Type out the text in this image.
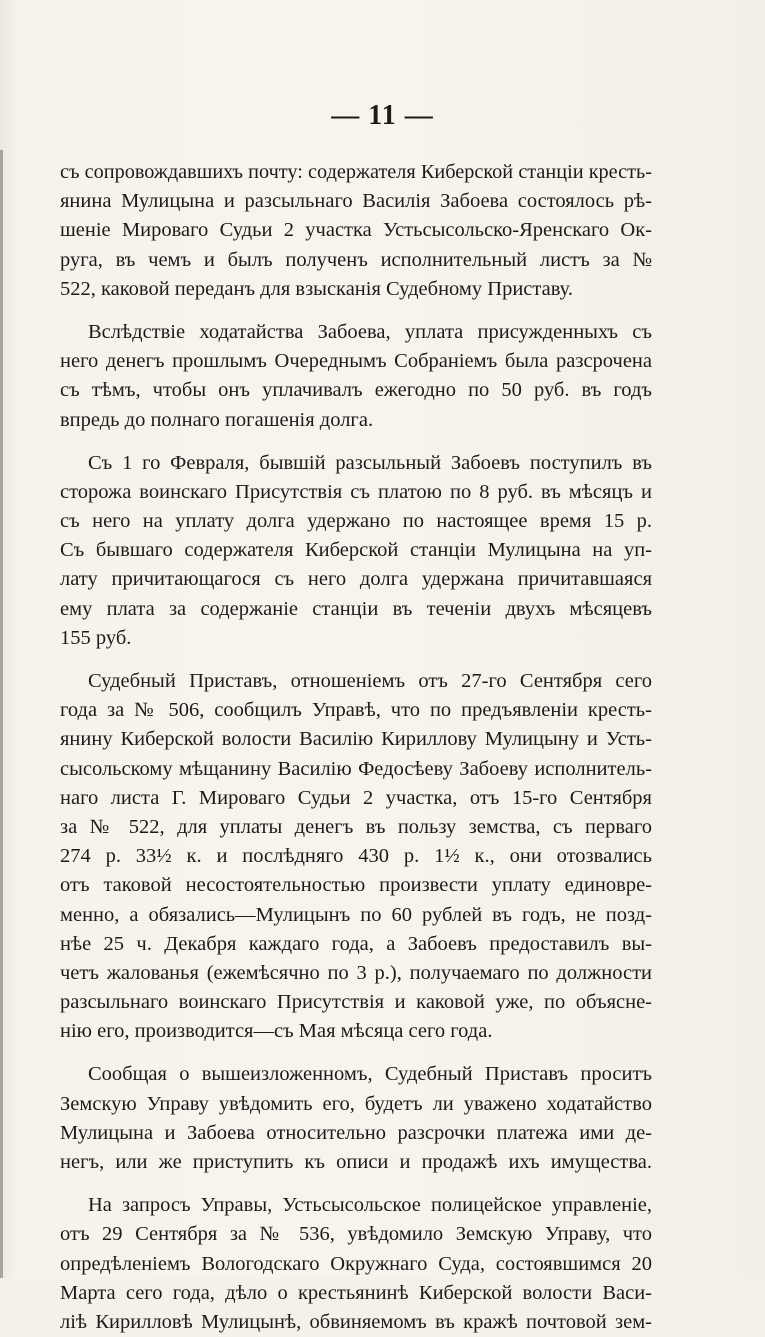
— 11 —
съ сопровождавшихъ почту: содержателя Киберской станціи кресть-
янина Мулицына и разсыльнаго Василія Забоева состоялось рѣ-
шеніе Мироваго Судьи 2 участка Устьсысольско-Яренскаго Ок-
руга, въ чемъ и былъ полученъ исполнительный листъ за №
522, каковой переданъ для взысканія Судебному Приставу.
Вслѣдствіе ходатайства Забоева, уплата присужденныхъ съ
него денегъ прошлымъ Очереднымъ Собраніемъ была разсрочена
съ тѣмъ, чтобы онъ уплачивалъ ежегодно по 50 руб. въ годъ
впредь до полнаго погашенія долга.
Съ 1 го Февраля, бывшій разсыльный Забоевъ поступилъ въ
сторожа воинскаго Присутствія съ платою по 8 руб. въ мѣсяцъ и
съ него на уплату долга удержано по настоящее время 15 р.
Съ бывшаго содержателя Киберской станціи Мулицына на уп-
лату причитающагося съ него долга удержана причитавшаяся
ему плата за содержаніе станціи въ теченіи двухъ мѣсяцевъ
155 руб.
Судебный Приставъ, отношеніемъ отъ 27-го Сентября сего
года за № 506, сообщилъ Управѣ, что по предъявленіи кресть-
янину Киберской волости Василію Кириллову Мулицыну и Усть-
сысольскому мѣщанину Василію Федосѣеву Забоеву исполнитель-
наго листа Г. Мироваго Судьи 2 участка, отъ 15-го Сентября
за № 522, для уплаты денегъ въ пользу земства, съ перваго
274 р. 33½ к. и послѣдняго 430 р. 1½ к., они отозвались
отъ таковой несостоятельностью произвести уплату единовре-
менно, а обязались—Мулицынъ по 60 рублей въ годъ, не позд-
нѣе 25 ч. Декабря каждаго года, а Забоевъ предоставилъ вы-
четъ жалованья (ежемѣсячно по 3 р.), получаемаго по должности
разсыльнаго воинскаго Присутствія и каковой уже, по объясне-
нію его, производится—съ Мая мѣсяца сего года.
Сообщая о вышеизложенномъ, Судебный Приставъ проситъ
Земскую Управу увѣдомить его, будетъ ли уважено ходатайство
Мулицына и Забоева относительно разсрочки платежа ими де-
негъ, или же приступить къ описи и продажѣ ихъ имущества.
На запросъ Управы, Устьсысольское полицейское управленіе,
отъ 29 Сентября за № 536, увѣдомило Земскую Управу, что
опредѣленіемъ Вологодскаго Окружнаго Суда, состоявшимся 20
Марта сего года, дѣло о крестьянинѣ Киберской волости Васи-
ліѣ Кирилловѣ Мулицынѣ, обвиняемомъ въ кражѣ почтовой зем-
